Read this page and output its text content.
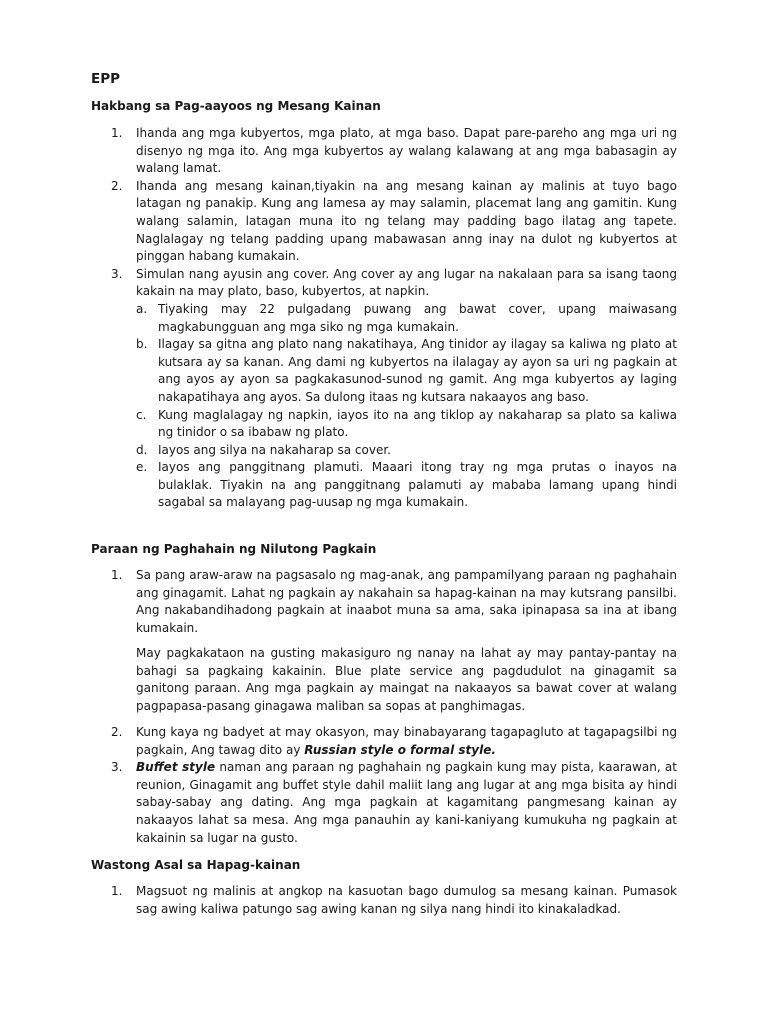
EPP
Hakbang sa Pag-aayoos ng Mesang Kainan
1. Ihanda ang mga kubyertos, mga plato, at mga baso. Dapat pare-pareho ang mga uri ng disenyo ng mga ito. Ang mga kubyertos ay walang kalawang at ang mga babasagin ay walang lamat.
2. Ihanda ang mesang kainan,tiyakin na ang mesang kainan ay malinis at tuyo bago latagan ng panakip. Kung ang lamesa ay may salamin, placemat lang ang gamitin. Kung walang salamin, latagan muna ito ng telang may padding bago ilatag ang tapete. Naglalagay ng telang padding upang mabawasan anng inay na dulot ng kubyertos at pinggan habang kumakain.
3. Simulan nang ayusin ang cover. Ang cover ay ang lugar na nakalaan para sa isang taong kakain na may plato, baso, kubyertos, at napkin.
a. Tiyaking may 22 pulgadang puwang ang bawat cover, upang maiwasang magkabungguan ang mga siko ng mga kumakain.
b. Ilagay sa gitna ang plato nang nakatihaya, Ang tinidor ay ilagay sa kaliwa ng plato at kutsara ay sa kanan. Ang dami ng kubyertos na ilalagay ay ayon sa uri ng pagkain at ang ayos ay ayon sa pagkakasunod-sunod ng gamit. Ang mga kubyertos ay laging nakapatihaya ang ayos. Sa dulong itaas ng kutsara nakaayos ang baso.
c. Kung maglalagay ng napkin, iayos ito na ang tiklop ay nakaharap sa plato sa kaliwa ng tinidor o sa ibabaw ng plato.
d. Iayos ang silya na nakaharap sa cover.
e. Iayos ang panggitnang plamuti. Maaari itong tray ng mga prutas o inayos na bulaklak. Tiyakin na ang panggitnang palamuti ay mababa lamang upang hindi sagabal sa malayang pag-uusap ng mga kumakain.
Paraan ng Paghahain ng Nilutong Pagkain
1. Sa pang araw-araw na pagsasalo ng mag-anak, ang pampamilyang paraan ng paghahain ang ginagamit. Lahat ng pagkain ay nakahain sa hapag-kainan na may kutsrang pansilbi. Ang nakabandihadong pagkain at inaabot muna sa ama, saka ipinapasa sa ina at ibang kumakain.
May pagkakataon na gusting makasiguro ng nanay na lahat ay may pantay-pantay na bahagi sa pagkaing kakainin. Blue plate service ang pagdudulot na ginagamit sa ganitong paraan. Ang mga pagkain ay maingat na nakaayos sa bawat cover at walang pagpapasa-pasang ginagawa maliban sa sopas at panghimagas.
2. Kung kaya ng badyet at may okasyon, may binabayarang tagapagluto at tagapagsilbi ng pagkain, Ang tawag dito ay Russian style o formal style.
3. Buffet style naman ang paraan ng paghahain ng pagkain kung may pista, kaarawan, at reunion, Ginagamit ang buffet style dahil maliit lang ang lugar at ang mga bisita ay hindi sabay-sabay ang dating. Ang mga pagkain at kagamitang pangmesang kainan ay nakaayos lahat sa mesa. Ang mga panauhin ay kani-kaniyang kumukuha ng pagkain at kakainin sa lugar na gusto.
Wastong Asal sa Hapag-kainan
1. Magsuot ng malinis at angkop na kasuotan bago dumulog sa mesang kainan. Pumasok sag awing kaliwa patungo sag awing kanan ng silya nang hindi ito kinakaladkad.
